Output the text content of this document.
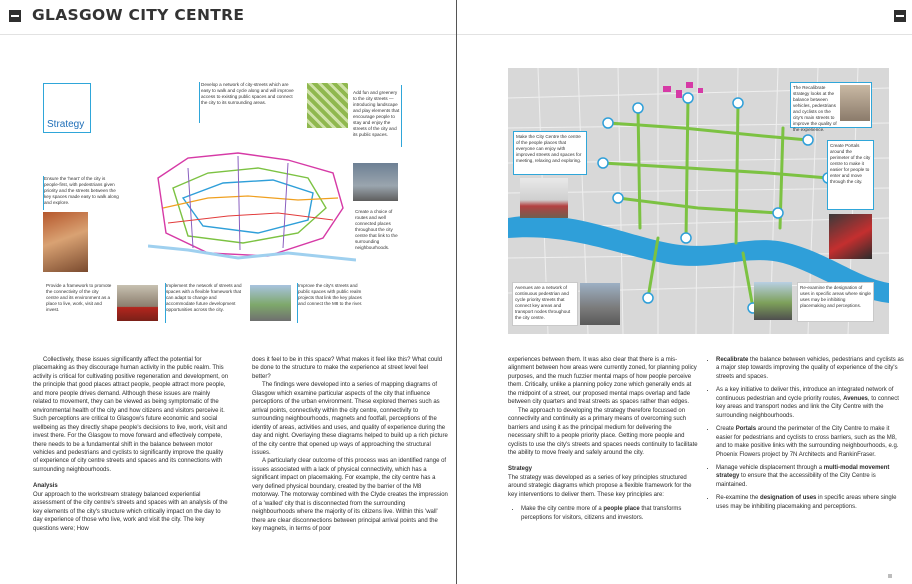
GLASGOW CITY CENTRE
Strategy
Develop a network of city-streets which are easy to walk and cycle along and will improve access to existing public spaces and connect the city to its surrounding areas.
Add fun and greenery to the city streets — introducing landscape and play elements that encourage people to stay and enjoy the streets of the city and its public spaces.
Ensure the 'heart' of the city is people-first, with pedestrians given priority and the streets between the key spaces made easy to walk along and explore.
Create a choice of routes and well connected places throughout the city centre that link to the surrounding neighbourhoods.
Provide a framework to promote the connectivity of the city centre and its environment as a place to live, work, visit and invest.
Implement the network of streets and spaces with a flexible framework that can adapt to change and accommodate future development opportunities across the city.
Improve the city's streets and public spaces with public realm projects that link the key places and connect the M8 to the river.

Collectively, these issues significantly affect the potential for placemaking as they discourage human activity in the public realm. This activity is critical for cultivating positive regeneration and development, on the principle that good places attract people, people attract more people, and more people drives demand. Although these issues are mainly related to movement, they can be viewed as being symptomatic of the environmental health of the city and how citizens and visitors perceive it. Such perceptions are critical to Glasgow's future economic and social wellbeing as they directly shape people's decisions to live, work, visit and invest there. For the Glasgow to move forward and effectively compete, there needs to be a fundamental shift in the balance between motor vehicles and pedestrians and cyclists to significantly improve the quality of experience of city centre streets and spaces and its connections with surrounding neighbourhoods.

Analysis

Our approach to the workstream strategy balanced experiential assessment of the city centre's streets and spaces with an analysis of the key elements of the city's structure which critically impact on the day to day experience of those who live, work and visit the city. The key questions were; How

does it feel to be in this space? What makes it feel like this? What could be done to the structure to make the experience at street level feel better?

The findings were developed into a series of mapping diagrams of Glasgow which examine particular aspects of the city that influence perceptions of the urban environment. These explored themes such as arrival points, connectivity within the city centre, connectivity to surrounding neighbourhoods, magnets and footfall, perceptions of the identity of areas, activities and uses, and quality of experience during the day and night. Overlaying these diagrams helped to build up a rich picture of the city centre that opened up ways of approaching the structural issues.

A particularly clear outcome of this process was an identified range of issues associated with a lack of physical connectivity, which has a significant impact on placemaking. For example, the city centre has a very defined physical boundary, created by the barrier of the M8 motorway. The motorway combined with the Clyde creates the impression of a 'walled' city that is disconnected from the surrounding neighbourhoods where the majority of its citizens live. Within this 'wall' there are clear disconnections between principal arrival points and the key magnets, in terms of poor

Make the City Centre the centre of the people places that everyone can enjoy with improved streets and spaces for meeting, relaxing and exploring.
The Recalibrate strategy looks at the balance between vehicles, pedestrians and cyclists on the city's main streets to improve the quality of the experience.
Create Portals around the perimeter of the city centre to make it easier for people to enter and move through the city.
Avenues are a network of continuous pedestrian and cycle priority streets that connect key areas and transport nodes throughout the city centre.
Re-examine the designation of uses in specific areas where single uses may be inhibiting placemaking and perceptions.

experiences between them. It was also clear that there is a mis-alignment between how areas were currently zoned, for planning policy purposes, and the much fuzzier mental maps of how people perceive them. Critically, unlike a planning policy zone which generally ends at the midpoint of a street, our proposed mental maps overlap and fade between city quarters and treat streets as spaces rather than edges.

The approach to developing the strategy therefore focussed on connectivity and continuity as a primary means of overcoming such barriers and using it as the principal medium for delivering the necessary shift to a people priority place. Getting more people and cyclists to use the city's streets and spaces needs continuity to facilitate the ability to move freely and safely around the city.

Strategy

The strategy was developed as a series of key principles structured around strategic diagrams which propose a flexible framework for the key interventions to deliver them. These key principles are:

• Make the city centre more of a people place that transforms perceptions for visitors, citizens and investors.
• Recalibrate the balance between vehicles, pedestrians and cyclists as a major step towards improving the quality of experience of the city's streets and spaces.
• As a key initiative to deliver this, introduce an integrated network of continuous pedestrian and cycle priority routes, Avenues, to connect key areas and transport nodes and link the City Centre with the surrounding neighbourhoods.
• Create Portals around the perimeter of the City Centre to make it easier for pedestrians and cyclists to cross barriers, such as the M8, and to make positive links with the surrounding neighbourhoods, e.g. Phoenix Flowers project by 7N Architects and RankinFraser.
• Manage vehicle displacement through a multi-modal movement strategy to ensure that the accessibility of the City Centre is maintained.
• Re-examine the designation of uses in specific areas where single uses may be inhibiting placemaking and perceptions.
